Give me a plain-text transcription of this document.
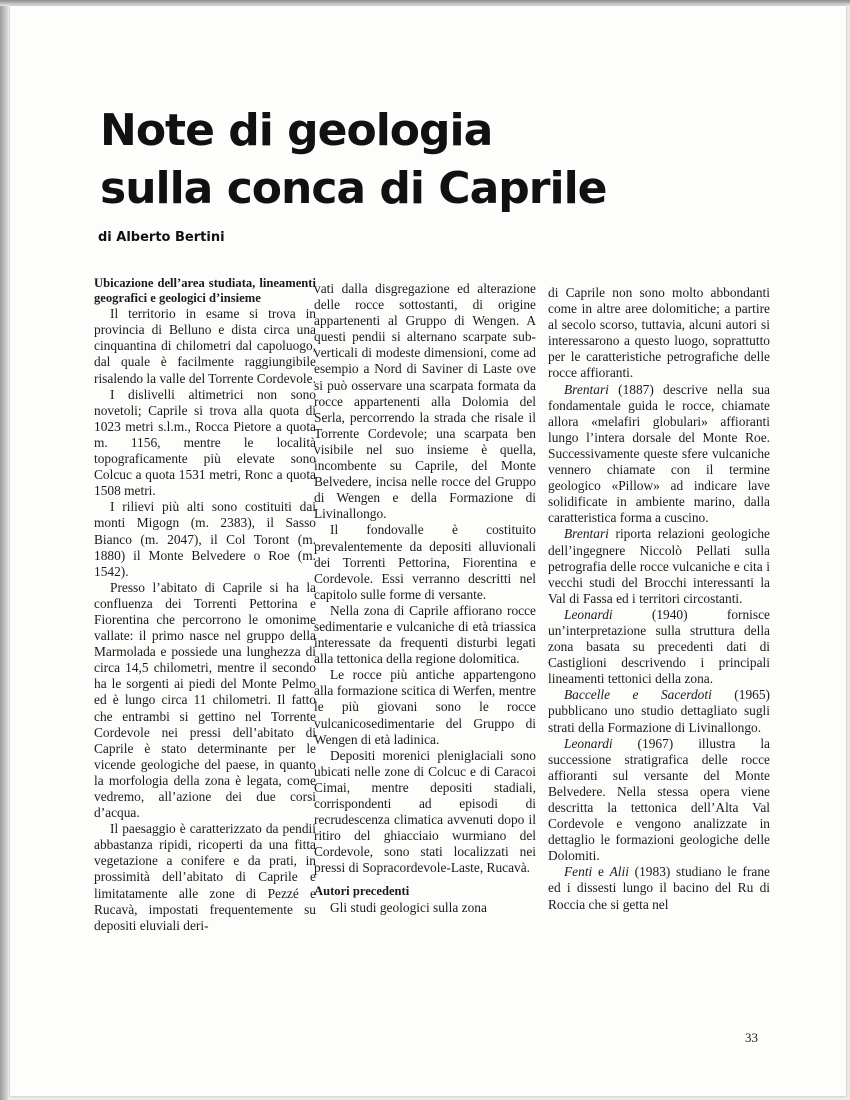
Note di geologia
sulla conca di Caprile
di Alberto Bertini
Ubicazione dell’area studiata, lineamenti geografici e geologici d’insieme

Il territorio in esame si trova in provincia di Belluno e dista circa una cinquantina di chilometri dal capoluogo, dal quale è facilmente raggiungibile risalendo la valle del Torrente Cordevole.

I dislivelli altimetrici non sono novetoli; Caprile si trova alla quota di 1023 metri s.l.m., Rocca Pietore a quota m. 1156, mentre le località topograficamente più elevate sono Colcuc a quota 1531 metri, Ronc a quota 1508 metri.

I rilievi più alti sono costituiti dai monti Migogn (m. 2383), il Sasso Bianco (m. 2047), il Col Toront (m. 1880) il Monte Belvedere o Roe (m. 1542).

Presso l’abitato di Caprile si ha la confluenza dei Torrenti Pettorina e Fiorentina che percorrono le omonime vallate: il primo nasce nel gruppo della Marmolada e possiede una lunghezza di circa 14,5 chilometri, mentre il secondo ha le sorgenti ai piedi del Monte Pelmo ed è lungo circa 11 chilometri. Il fatto che entrambi si gettino nel Torrente Cordevole nei pressi dell’abitato di Caprile è stato determinante per le vicende geologiche del paese, in quanto la morfologia della zona è legata, come vedremo, all’azione dei due corsi d’acqua.

Il paesaggio è caratterizzato da pendii abbastanza ripidi, ricoperti da una fitta vegetazione a conifere e da prati, in prossimità dell’abitato di Caprile e limitatamente alle zone di Pezzé e Rucavà, impostati frequentemente su depositi eluviali deri-

vati dalla disgregazione ed alterazione delle rocce sottostanti, di origine appartenenti al Gruppo di Wengen. A questi pendii si alternano scarpate sub-verticali di modeste dimensioni, come ad esempio a Nord di Saviner di Laste ove si può osservare una scarpata formata da rocce appartenenti alla Dolomia del Serla, percorrendo la strada che risale il Torrente Cordevole; una scarpata ben visibile nel suo insieme è quella, incombente su Caprile, del Monte Belvedere, incisa nelle rocce del Gruppo di Wengen e della Formazione di Livinallongo.

Il fondovalle è costituito prevalentemente da depositi alluvionali dei Torrenti Pettorina, Fiorentina e Cordevole. Essi verranno descritti nel capitolo sulle forme di versante.

Nella zona di Caprile affiorano rocce sedimentarie e vulcaniche di età triassica interessate da frequenti disturbi legati alla tettonica della regione dolomitica.

Le rocce più antiche appartengono alla formazione scitica di Werfen, mentre le più giovani sono le rocce vulcanicosedimentarie del Gruppo di Wengen di età ladinica.

Depositi morenici pleniglaciali sono ubicati nelle zone di Colcuc e di Caracoi Cimai, mentre depositi stadiali, corrispondenti ad episodi di recrudescenza climatica avvenuti dopo il ritiro del ghiacciaio wurmiano del Cordevole, sono stati localizzati nei pressi di Sopracordevole-Laste, Rucavà.

Autori precedenti

Gli studi geologici sulla zona

di Caprile non sono molto abbondanti come in altre aree dolomitiche; a partire al secolo scorso, tuttavia, alcuni autori si interessarono a questo luogo, soprattutto per le caratteristiche petrografiche delle rocce affioranti.

Brentari (1887) descrive nella sua fondamentale guida le rocce, chiamate allora «melafiri globulari» affioranti lungo l’intera dorsale del Monte Roe. Successivamente queste sfere vulcaniche vennero chiamate con il termine geologico «Pillow» ad indicare lave solidificate in ambiente marino, dalla caratteristica forma a cuscino.

Brentari riporta relazioni geologiche dell’ingegnere Niccolò Pellati sulla petrografia delle rocce vulcaniche e cita i vecchi studi del Brocchi interessanti la Val di Fassa ed i territori circostanti.

Leonardi (1940) fornisce un’interpretazione sulla struttura della zona basata su precedenti dati di Castiglioni descrivendo i principali lineamenti tettonici della zona.

Baccelle e Sacerdoti (1965) pubblicano uno studio dettagliato sugli strati della Formazione di Livinallongo.

Leonardi (1967) illustra la successione stratigrafica delle rocce affioranti sul versante del Monte Belvedere. Nella stessa opera viene descritta la tettonica dell’Alta Val Cordevole e vengono analizzate in dettaglio le formazioni geologiche delle Dolomiti.

Fenti e Alii (1983) studiano le frane ed i dissesti lungo il bacino del Ru di Roccia che si getta nel

33
